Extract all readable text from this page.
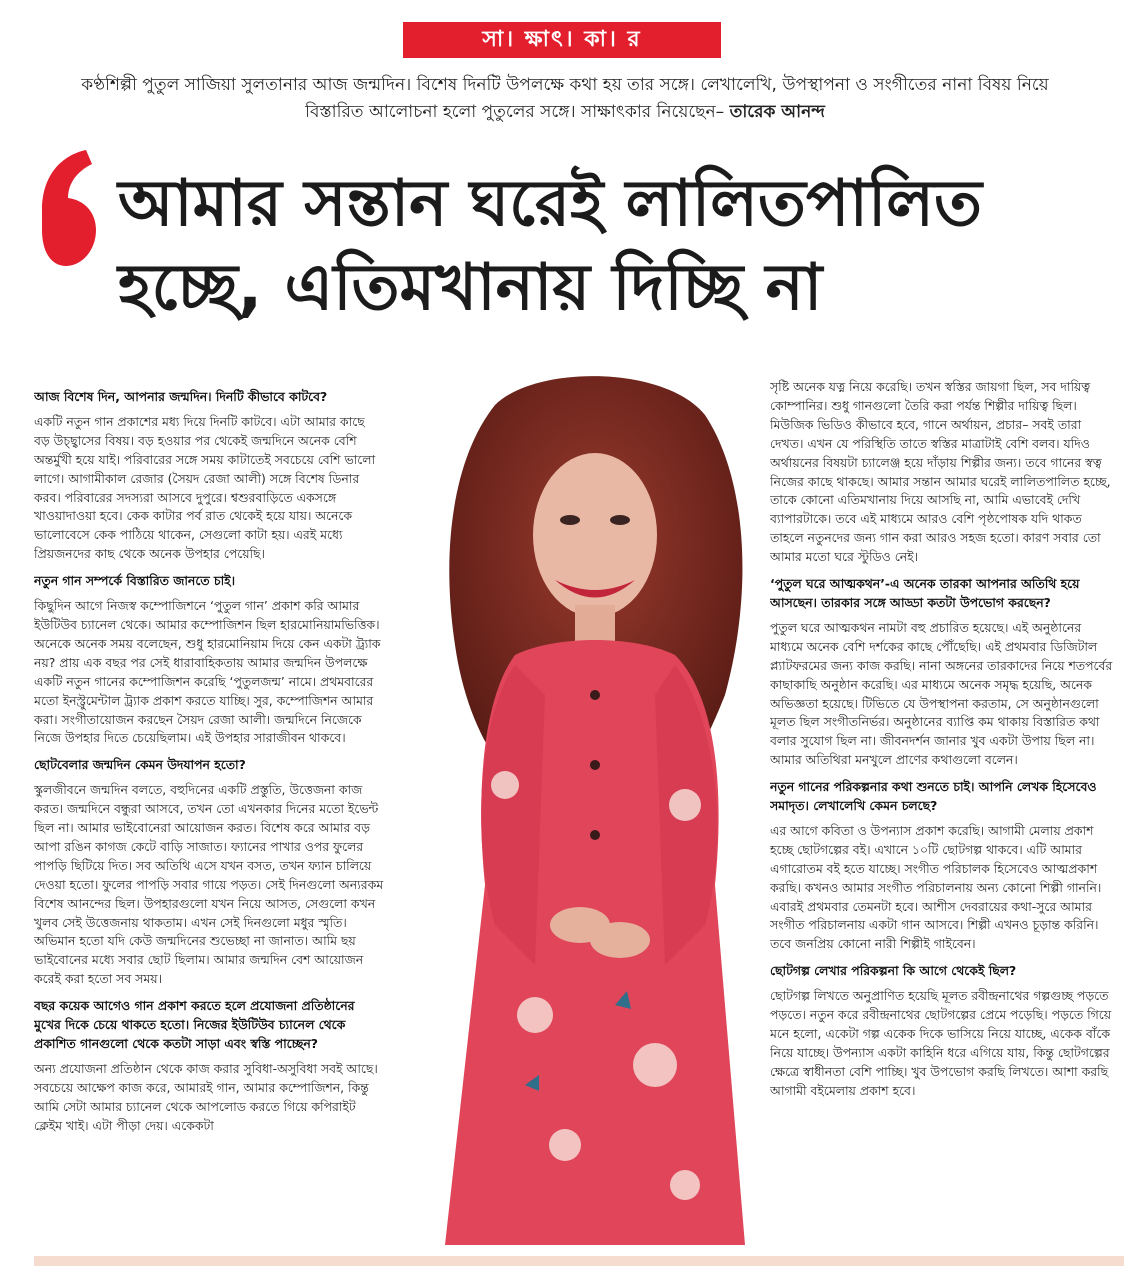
সা। ক্ষাৎ। কা। র
কণ্ঠশিল্পী পুতুল সাজিয়া সুলতানার আজ জন্মদিন। বিশেষ দিনটি উপলক্ষে কথা হয় তার সঙ্গে। লেখালেখি, উপস্থাপনা ও সংগীতের নানা বিষয় নিয়ে বিস্তারিত আলোচনা হলো পুতুলের সঙ্গে। সাক্ষাৎকার নিয়েছেন– তারেক আনন্দ
আমার সন্তান ঘরেই লালিতপালিত
হচ্ছে, এতিমখানায় দিচ্ছি না
আজ বিশেষ দিন, আপনার জন্মদিন। দিনটি কীভাবে কাটবে?
একটি নতুন গান প্রকাশের মধ্য দিয়ে দিনটি কাটবে। এটা আমার কাছে বড় উচ্ছ্বাসের বিষয়। বড় হওয়ার পর থেকেই জন্মদিনে অনেক বেশি অন্তর্মুখী হয়ে যাই। পরিবারের সঙ্গে সময় কাটাতেই সবচেয়ে বেশি ভালো লাগে। আগামীকাল রেজার (সৈয়দ রেজা আলী) সঙ্গে বিশেষ ডিনার করব। পরিবারের সদস্যরা আসবে দুপুরে। শ্বশুরবাড়িতে একসঙ্গে খাওয়াদাওয়া হবে। কেক কাটার পর্ব রাত থেকেই হয়ে যায়। অনেকে ভালোবেসে কেক পাঠিয়ে থাকেন, সেগুলো কাটা হয়। এরই মধ্যে প্রিয়জনদের কাছ থেকে অনেক উপহার পেয়েছি।
নতুন গান সম্পর্কে বিস্তারিত জানতে চাই।
কিছুদিন আগে নিজস্ব কম্পোজিশনে ‘পুতুল গান’ প্রকাশ করি আমার ইউটিউব চ্যানেল থেকে। আমার কম্পোজিশন ছিল হারমোনিয়ামভিত্তিক। অনেকে অনেক সময় বলেছেন, শুধু হারমোনিয়াম দিয়ে কেন একটা ট্র্যাক নয়? প্রায় এক বছর পর সেই ধারাবাহিকতায় আমার জন্মদিন উপলক্ষে একটি নতুন গানের কম্পোজিশন করেছি ‘পুতুলজন্ম’ নামে। প্রথমবারের মতো ইনস্ট্রুমেন্টাল ট্র্যাক প্রকাশ করতে যাচ্ছি। সুর, কম্পোজিশন আমার করা। সংগীতায়োজন করছেন সৈয়দ রেজা আলী। জন্মদিনে নিজেকে নিজে উপহার দিতে চেয়েছিলাম। এই উপহার সারাজীবন থাকবে।
ছোটবেলার জন্মদিন কেমন উদযাপন হতো?
স্কুলজীবনে জন্মদিন বলতে, বহুদিনের একটি প্রস্তুতি, উত্তেজনা কাজ করত। জন্মদিনে বন্ধুরা আসবে, তখন তো এখনকার দিনের মতো ইভেন্ট ছিল না। আমার ভাইবোনেরা আয়োজন করত। বিশেষ করে আমার বড় আপা রঙিন কাগজ কেটে বাড়ি সাজাত। ফ্যানের পাখার ওপর ফুলের পাপড়ি ছিটিয়ে দিত। সব অতিথি এসে যখন বসত, তখন ফ্যান চালিয়ে দেওয়া হতো। ফুলের পাপড়ি সবার গায়ে পড়ত। সেই দিনগুলো অন্যরকম বিশেষ আনন্দের ছিল। উপহারগুলো যখন নিয়ে আসত, সেগুলো কখন খুলব সেই উত্তেজনায় থাকতাম। এখন সেই দিনগুলো মধুর স্মৃতি। অভিমান হতো যদি কেউ জন্মদিনের শুভেচ্ছা না জানাত। আমি ছয় ভাইবোনের মধ্যে সবার ছোট ছিলাম। আমার জন্মদিন বেশ আয়োজন করেই করা হতো সব সময়।
বছর কয়েক আগেও গান প্রকাশ করতে হলে প্রযোজনা প্রতিষ্ঠানের মুখের দিকে চেয়ে থাকতে হতো। নিজের ইউটিউব চ্যানেল থেকে প্রকাশিত গানগুলো থেকে কতটা সাড়া এবং স্বস্তি পাচ্ছেন?
অন্য প্রযোজনা প্রতিষ্ঠান থেকে কাজ করার সুবিধা-অসুবিধা সবই আছে। সবচেয়ে আক্ষেপ কাজ করে, আমারই গান, আমার কম্পোজিশন, কিন্তু আমি সেটা আমার চ্যানেল থেকে আপলোড করতে গিয়ে কপিরাইট ক্লেইম খাই। এটা পীড়া দেয়। একেকটা
সৃষ্টি অনেক যত্ন নিয়ে করেছি। তখন স্বস্তির জায়গা ছিল, সব দায়িত্ব কোম্পানির। শুধু গানগুলো তৈরি করা পর্যন্ত শিল্পীর দায়িত্ব ছিল। মিউজিক ভিডিও কীভাবে হবে, গানে অর্থায়ন, প্রচার– সবই তারা দেখত। এখন যে পরিস্থিতি তাতে স্বস্তির মাত্রাটাই বেশি বলব। যদিও অর্থায়নের বিষয়টা চ্যালেঞ্জ হয়ে দাঁড়ায় শিল্পীর জন্য। তবে গানের স্বত্ব নিজের কাছে থাকছে। আমার সন্তান আমার ঘরেই লালিতপালিত হচ্ছে, তাকে কোনো এতিমখানায় দিয়ে আসছি না, আমি এভাবেই দেখি ব্যাপারটাকে। তবে এই মাধ্যমে আরও বেশি পৃষ্ঠপোষক যদি থাকত তাহলে নতুনদের জন্য গান করা আরও সহজ হতো। কারণ সবার তো আমার মতো ঘরে স্টুডিও নেই।
‘পুতুল ঘরে আত্মকথন’-এ অনেক তারকা আপনার অতিথি হয়ে আসছেন। তারকার সঙ্গে আড্ডা কতটা উপভোগ করছেন?
পুতুল ঘরে আত্মকথন নামটা বহু প্রচারিত হয়েছে। এই অনুষ্ঠানের মাধ্যমে অনেক বেশি দর্শকের কাছে পৌঁছেছি। এই প্রথমবার ডিজিটাল প্ল্যাটফরমের জন্য কাজ করছি। নানা অঙ্গনের তারকাদের নিয়ে শতপর্বের কাছাকাছি অনুষ্ঠান করেছি। এর মাধ্যমে অনেক সমৃদ্ধ হয়েছি, অনেক অভিজ্ঞতা হয়েছে। টিভিতে যে উপস্থাপনা করতাম, সে অনুষ্ঠানগুলো মূলত ছিল সংগীতনির্ভর। অনুষ্ঠানের ব্যাপ্তি কম থাকায় বিস্তারিত কথা বলার সুযোগ ছিল না। জীবনদর্শন জানার খুব একটা উপায় ছিল না। আমার অতিথিরা মনখুলে প্রাণের কথাগুলো বলেন।
নতুন গানের পরিকল্পনার কথা শুনতে চাই। আপনি লেখক হিসেবেও সমাদৃত। লেখালেখি কেমন চলছে?
এর আগে কবিতা ও উপন্যাস প্রকাশ করেছি। আগামী মেলায় প্রকাশ হচ্ছে ছোটগল্পের বই। এখানে ১০টি ছোটগল্প থাকবে। এটি আমার এগারোতম বই হতে যাচ্ছে। সংগীত পরিচালক হিসেবেও আত্মপ্রকাশ করছি। কখনও আমার সংগীত পরিচালনায় অন্য কোনো শিল্পী গাননি। এবারই প্রথমবার তেমনটা হবে। আশীস দেবরায়ের কথা-সুরে আমার সংগীত পরিচালনায় একটা গান আসবে। শিল্পী এখনও চূড়ান্ত করিনি। তবে জনপ্রিয় কোনো নারী শিল্পীই গাইবেন।
ছোটগল্প লেখার পরিকল্পনা কি আগে থেকেই ছিল?
ছোটগল্প লিখতে অনুপ্রাণিত হয়েছি মূলত রবীন্দ্রনাথের গল্পগুচ্ছ পড়তে পড়তে। নতুন করে রবীন্দ্রনাথের ছোটগল্পের প্রেমে পড়েছি। পড়তে গিয়ে মনে হলো, একেটা গল্প একেক দিকে ভাসিয়ে নিয়ে যাচ্ছে, একেক বাঁকে নিয়ে যাচ্ছে। উপন্যাস একটা কাহিনি ধরে এগিয়ে যায়, কিন্তু ছোটগল্পের ক্ষেত্রে স্বাধীনতা বেশি পাচ্ছি। খুব উপভোগ করছি লিখতে। আশা করছি আগামী বইমেলায় প্রকাশ হবে।
